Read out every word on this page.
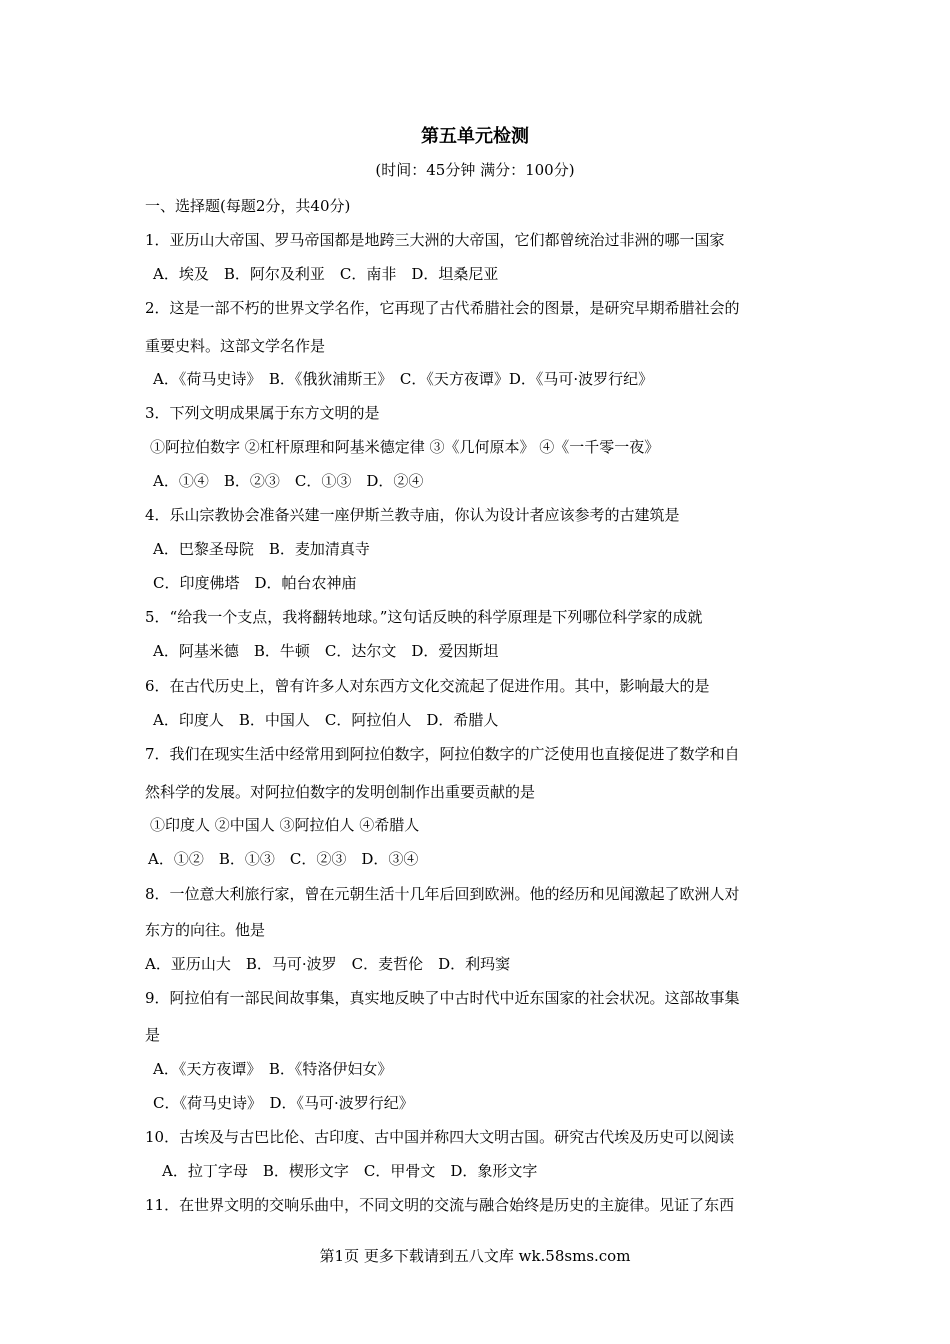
第五单元检测
(时间：45分钟 满分：100分)
一、选择题(每题2分，共40分)
1．亚历山大帝国、罗马帝国都是地跨三大洲的大帝国，它们都曾统治过非洲的哪一国家
A．埃及　B．阿尔及利亚　C．南非　D．坦桑尼亚
2．这是一部不朽的世界文学名作，它再现了古代希腊社会的图景，是研究早期希腊社会的
重要史料。这部文学名作是
A．《荷马史诗》　B．《俄狄浦斯王》　C．《天方夜谭》D．《马可·波罗行纪》
3．下列文明成果属于东方文明的是
①阿拉伯数字 ②杠杆原理和阿基米德定律 ③《几何原本》 ④《一千零一夜》
A．①④　B．②③　C．①③　D．②④
4．乐山宗教协会准备兴建一座伊斯兰教寺庙，你认为设计者应该参考的古建筑是
A．巴黎圣母院　B．麦加清真寺
C．印度佛塔　D．帕台农神庙
5．“给我一个支点，我将翻转地球。”这句话反映的科学原理是下列哪位科学家的成就
A．阿基米德　B．牛顿　C．达尔文　D．爱因斯坦
6．在古代历史上，曾有许多人对东西方文化交流起了促进作用。其中，影响最大的是
A．印度人　B．中国人　C．阿拉伯人　D．希腊人
7．我们在现实生活中经常用到阿拉伯数字，阿拉伯数字的广泛使用也直接促进了数学和自
然科学的发展。对阿拉伯数字的发明创制作出重要贡献的是
①印度人 ②中国人 ③阿拉伯人 ④希腊人
A．①②　B．①③　C．②③　D．③④
8．一位意大利旅行家，曾在元朝生活十几年后回到欧洲。他的经历和见闻激起了欧洲人对
东方的向往。他是
A．亚历山大　B．马可·波罗　C．麦哲伦　D．利玛窦
9．阿拉伯有一部民间故事集，真实地反映了中古时代中近东国家的社会状况。这部故事集
是
A．《天方夜谭》　B．《特洛伊妇女》
C．《荷马史诗》　D．《马可·波罗行纪》
10．古埃及与古巴比伦、古印度、古中国并称四大文明古国。研究古代埃及历史可以阅读
A．拉丁字母　B．楔形文字　C．甲骨文　D．象形文字
11．在世界文明的交响乐曲中，不同文明的交流与融合始终是历史的主旋律。见证了东西
第1页 更多下载请到五八文库 wk.58sms.com
